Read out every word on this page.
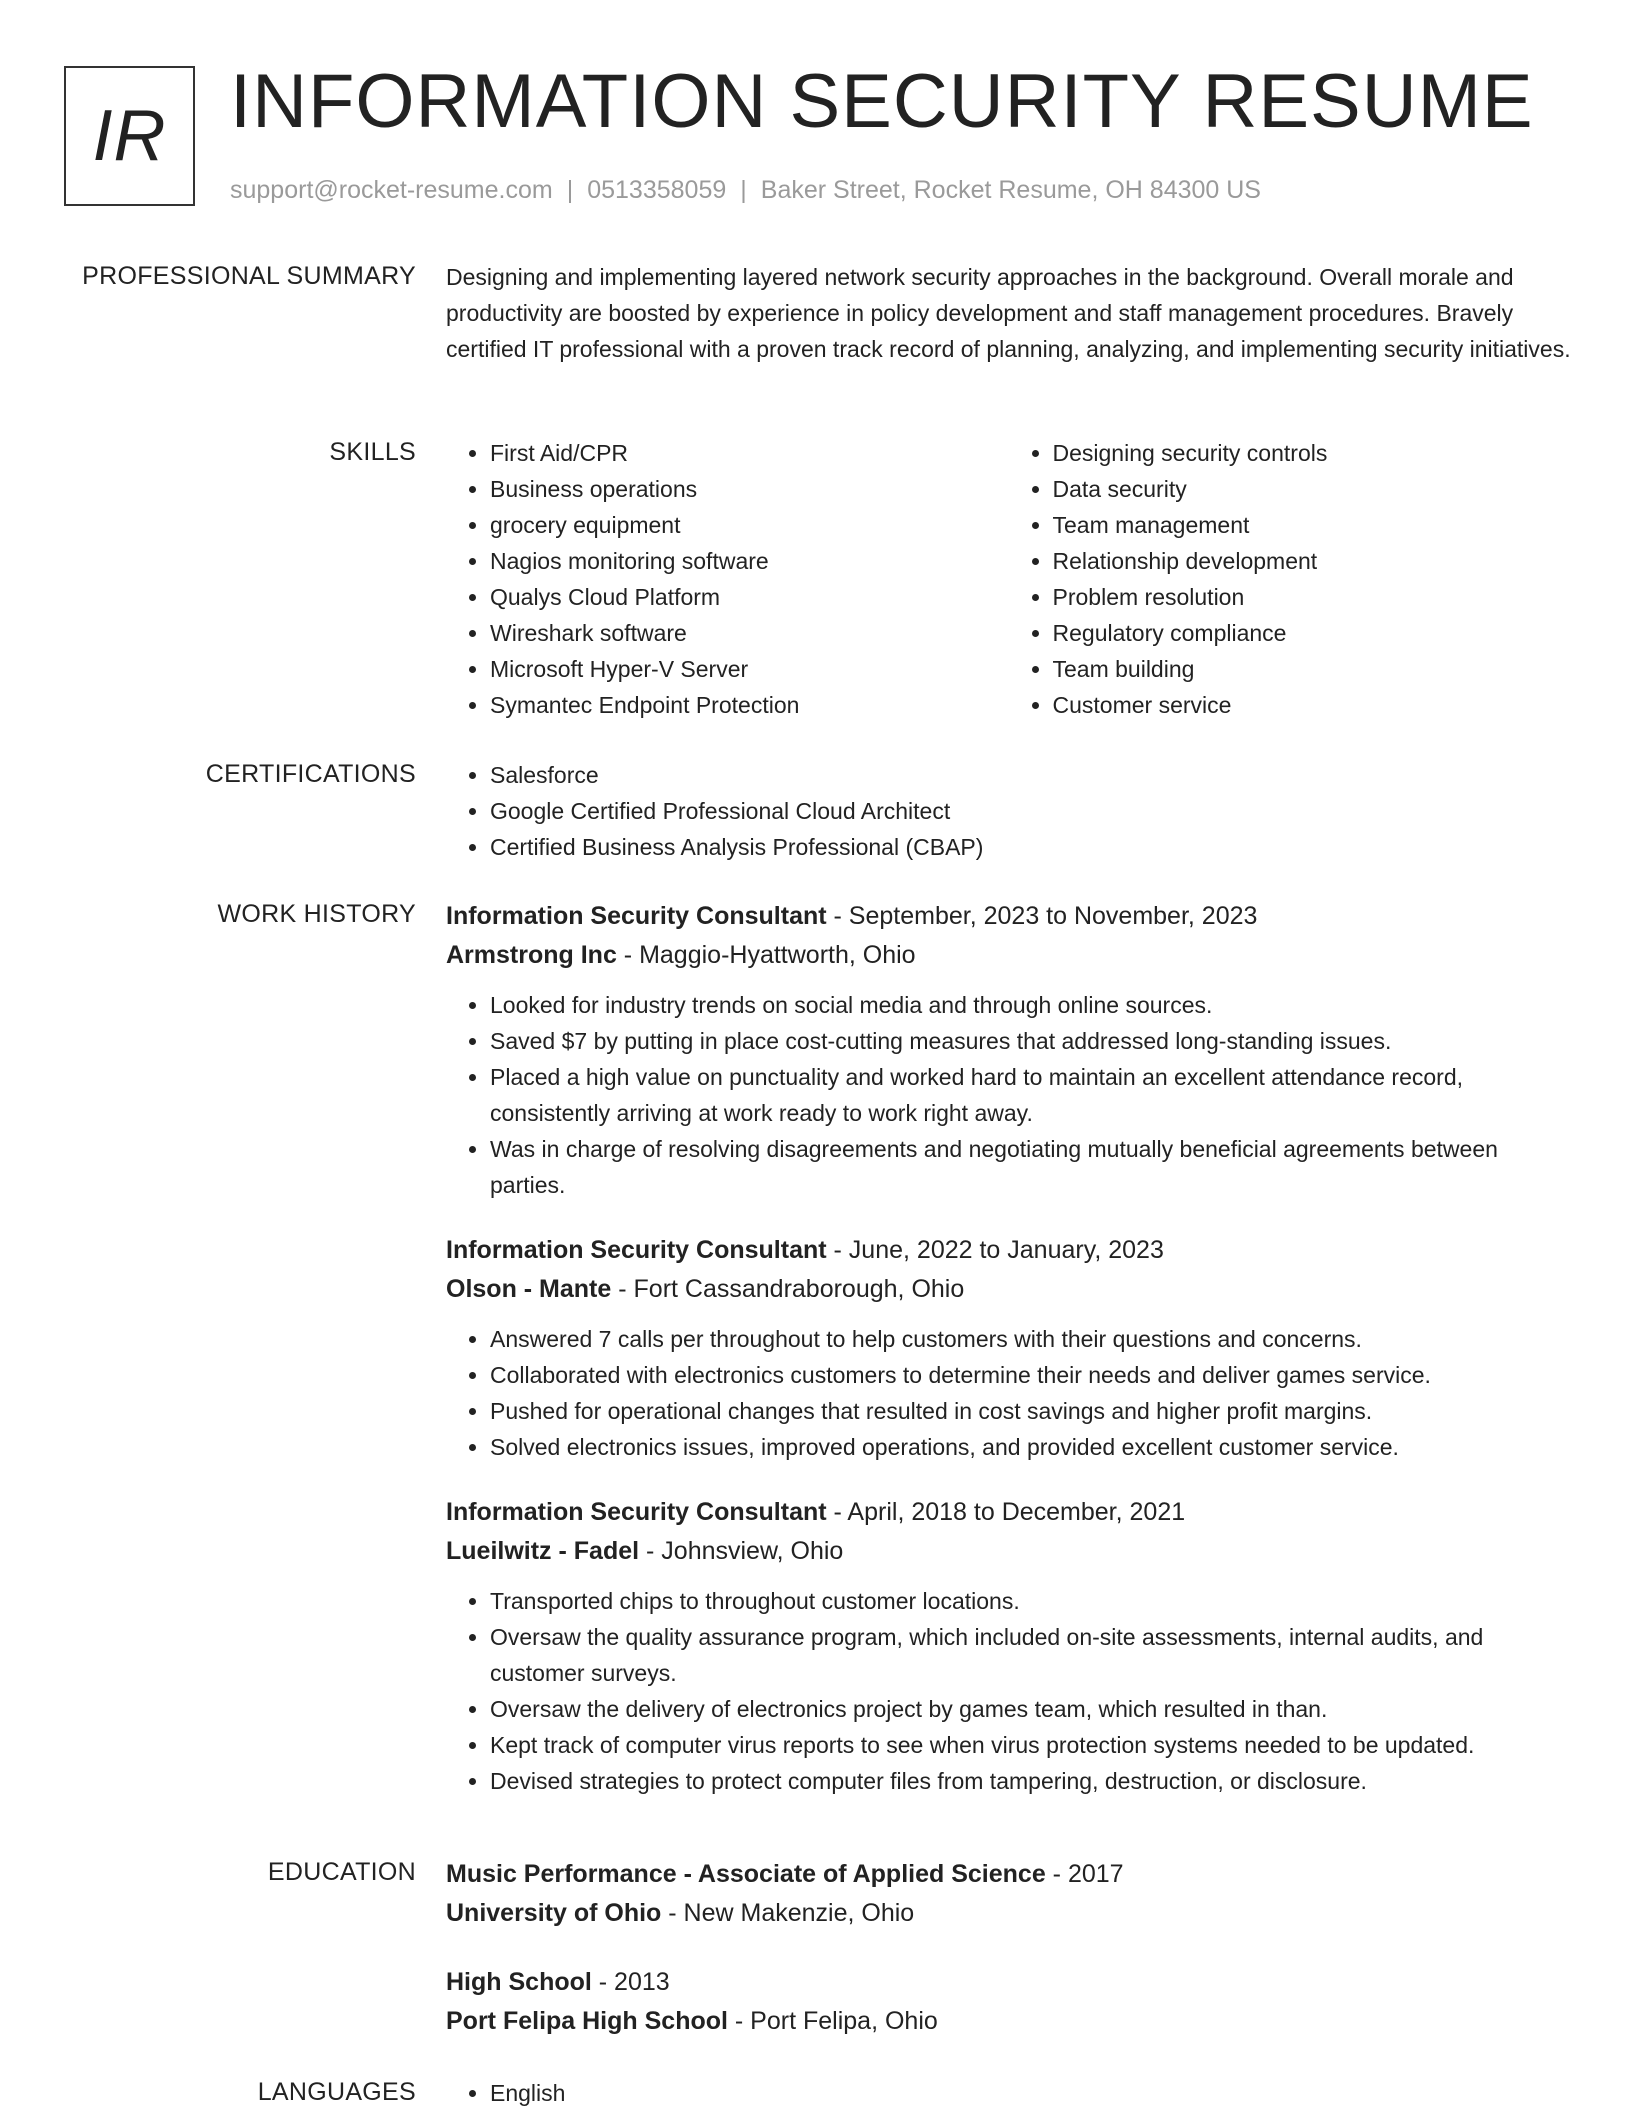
IR INFORMATION SECURITY RESUME
support@rocket-resume.com | 0513358059 | Baker Street, Rocket Resume, OH 84300 US
PROFESSIONAL SUMMARY Designing and implementing layered network security approaches in the background. Overall morale and productivity are boosted by experience in policy development and staff management procedures. Bravely certified IT professional with a proven track record of planning, analyzing, and implementing security initiatives.

SKILLS	• First Aid/CPR
• Business operations
• grocery equipment
• Nagios monitoring software
• Qualys Cloud Platform
• Wireshark software
• Microsoft Hyper-V Server
• Symantec Endpoint Protection
• Designing security controls
• Data security
• Team management
• Relationship development
• Problem resolution
• Regulatory compliance
• Team building
• Customer service
CERTIFICATIONS	• Salesforce
• Google Certified Professional Cloud Architect
• Certified Business Analysis Professional (CBAP)
WORK HISTORY Information Security Consultant - September, 2023 to November, 2023
Armstrong Inc - Maggio-Hyattworth, Ohio
• Looked for industry trends on social media and through online sources.
• Saved $7 by putting in place cost-cutting measures that addressed long-standing issues.
• Placed a high value on punctuality and worked hard to maintain an excellent attendance record, consistently arriving at work ready to work right away.
• Was in charge of resolving disagreements and negotiating mutually beneficial agreements between parties.
Information Security Consultant - June, 2022 to January, 2023
Olson - Mante - Fort Cassandraborough, Ohio
• Answered 7 calls per throughout to help customers with their questions and concerns.
• Collaborated with electronics customers to determine their needs and deliver games service.
• Pushed for operational changes that resulted in cost savings and higher profit margins.
• Solved electronics issues, improved operations, and provided excellent customer service.
Information Security Consultant - April, 2018 to December, 2021
Lueilwitz - Fadel - Johnsview, Ohio
• Transported chips to throughout customer locations.
• Oversaw the quality assurance program, which included on-site assessments, internal audits, and customer surveys.
• Oversaw the delivery of electronics project by games team, which resulted in than.
• Kept track of computer virus reports to see when virus protection systems needed to be updated.
• Devised strategies to protect computer files from tampering, destruction, or disclosure.
EDUCATION Music Performance - Associate of Applied Science - 2017
University of Ohio - New Makenzie, Ohio
High School - 2013
Port Felipa High School - Port Felipa, Ohio
LANGUAGES	• English
